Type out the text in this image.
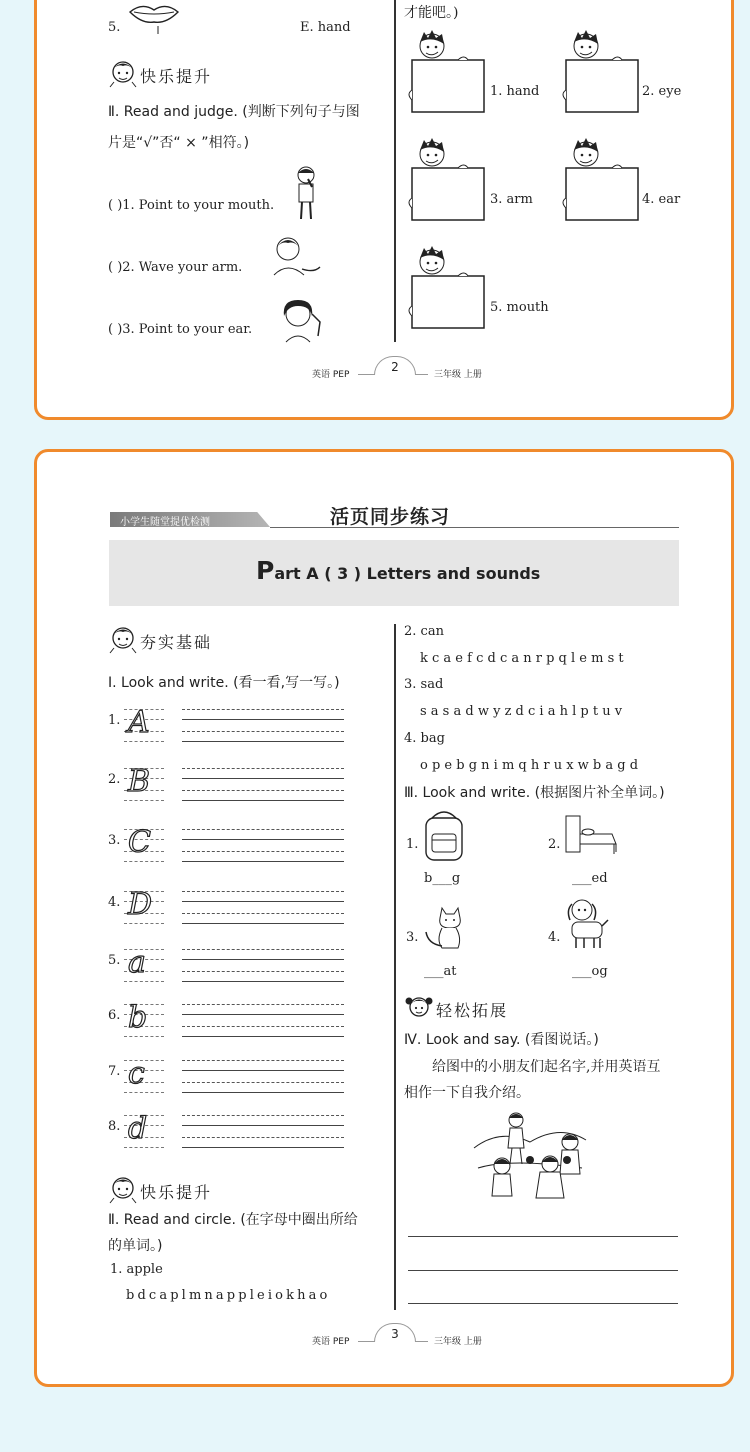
5.	E. hand
快乐提升
Ⅱ. Read and judge. (判断下列句子与图
片是“√”否“ × ”相符。)
( )1. Point to your mouth.
( )2. Wave your arm.
( )3. Point to your ear.
才能吧。)
1. hand	2. eye
3. arm	4. ear
5. mouth
英语 PEP
2
三年级 上册
小学生随堂提优检测	活页同步练习
Part A ( 3 ) Letters and sounds
夯实基础
Ⅰ. Look and write. (看一看,写一写。)
1. A
2. B
3. C
4. D
5. a
6. b
7. c
8. d
快乐提升
Ⅱ. Read and circle. (在字母中圈出所给
的单词。)
1. apple
b d c a p l m n a p p l e i o k h a o
2. can
k c a e f c d c a n r p q l e m s t
3. sad
s a s a d w y z d c i a h l p t u v
4. bag
o p e b g n i m q h r u x w b a g d
Ⅲ. Look and write. (根据图片补全单词。)
1.
b___g
2.
___ed
3.
___at
4.
___og
轻松拓展
Ⅳ. Look and say. (看图说话。)
给图中的小朋友们起名字,并用英语互
相作一下自我介绍。
英语 PEP
3
三年级 上册
